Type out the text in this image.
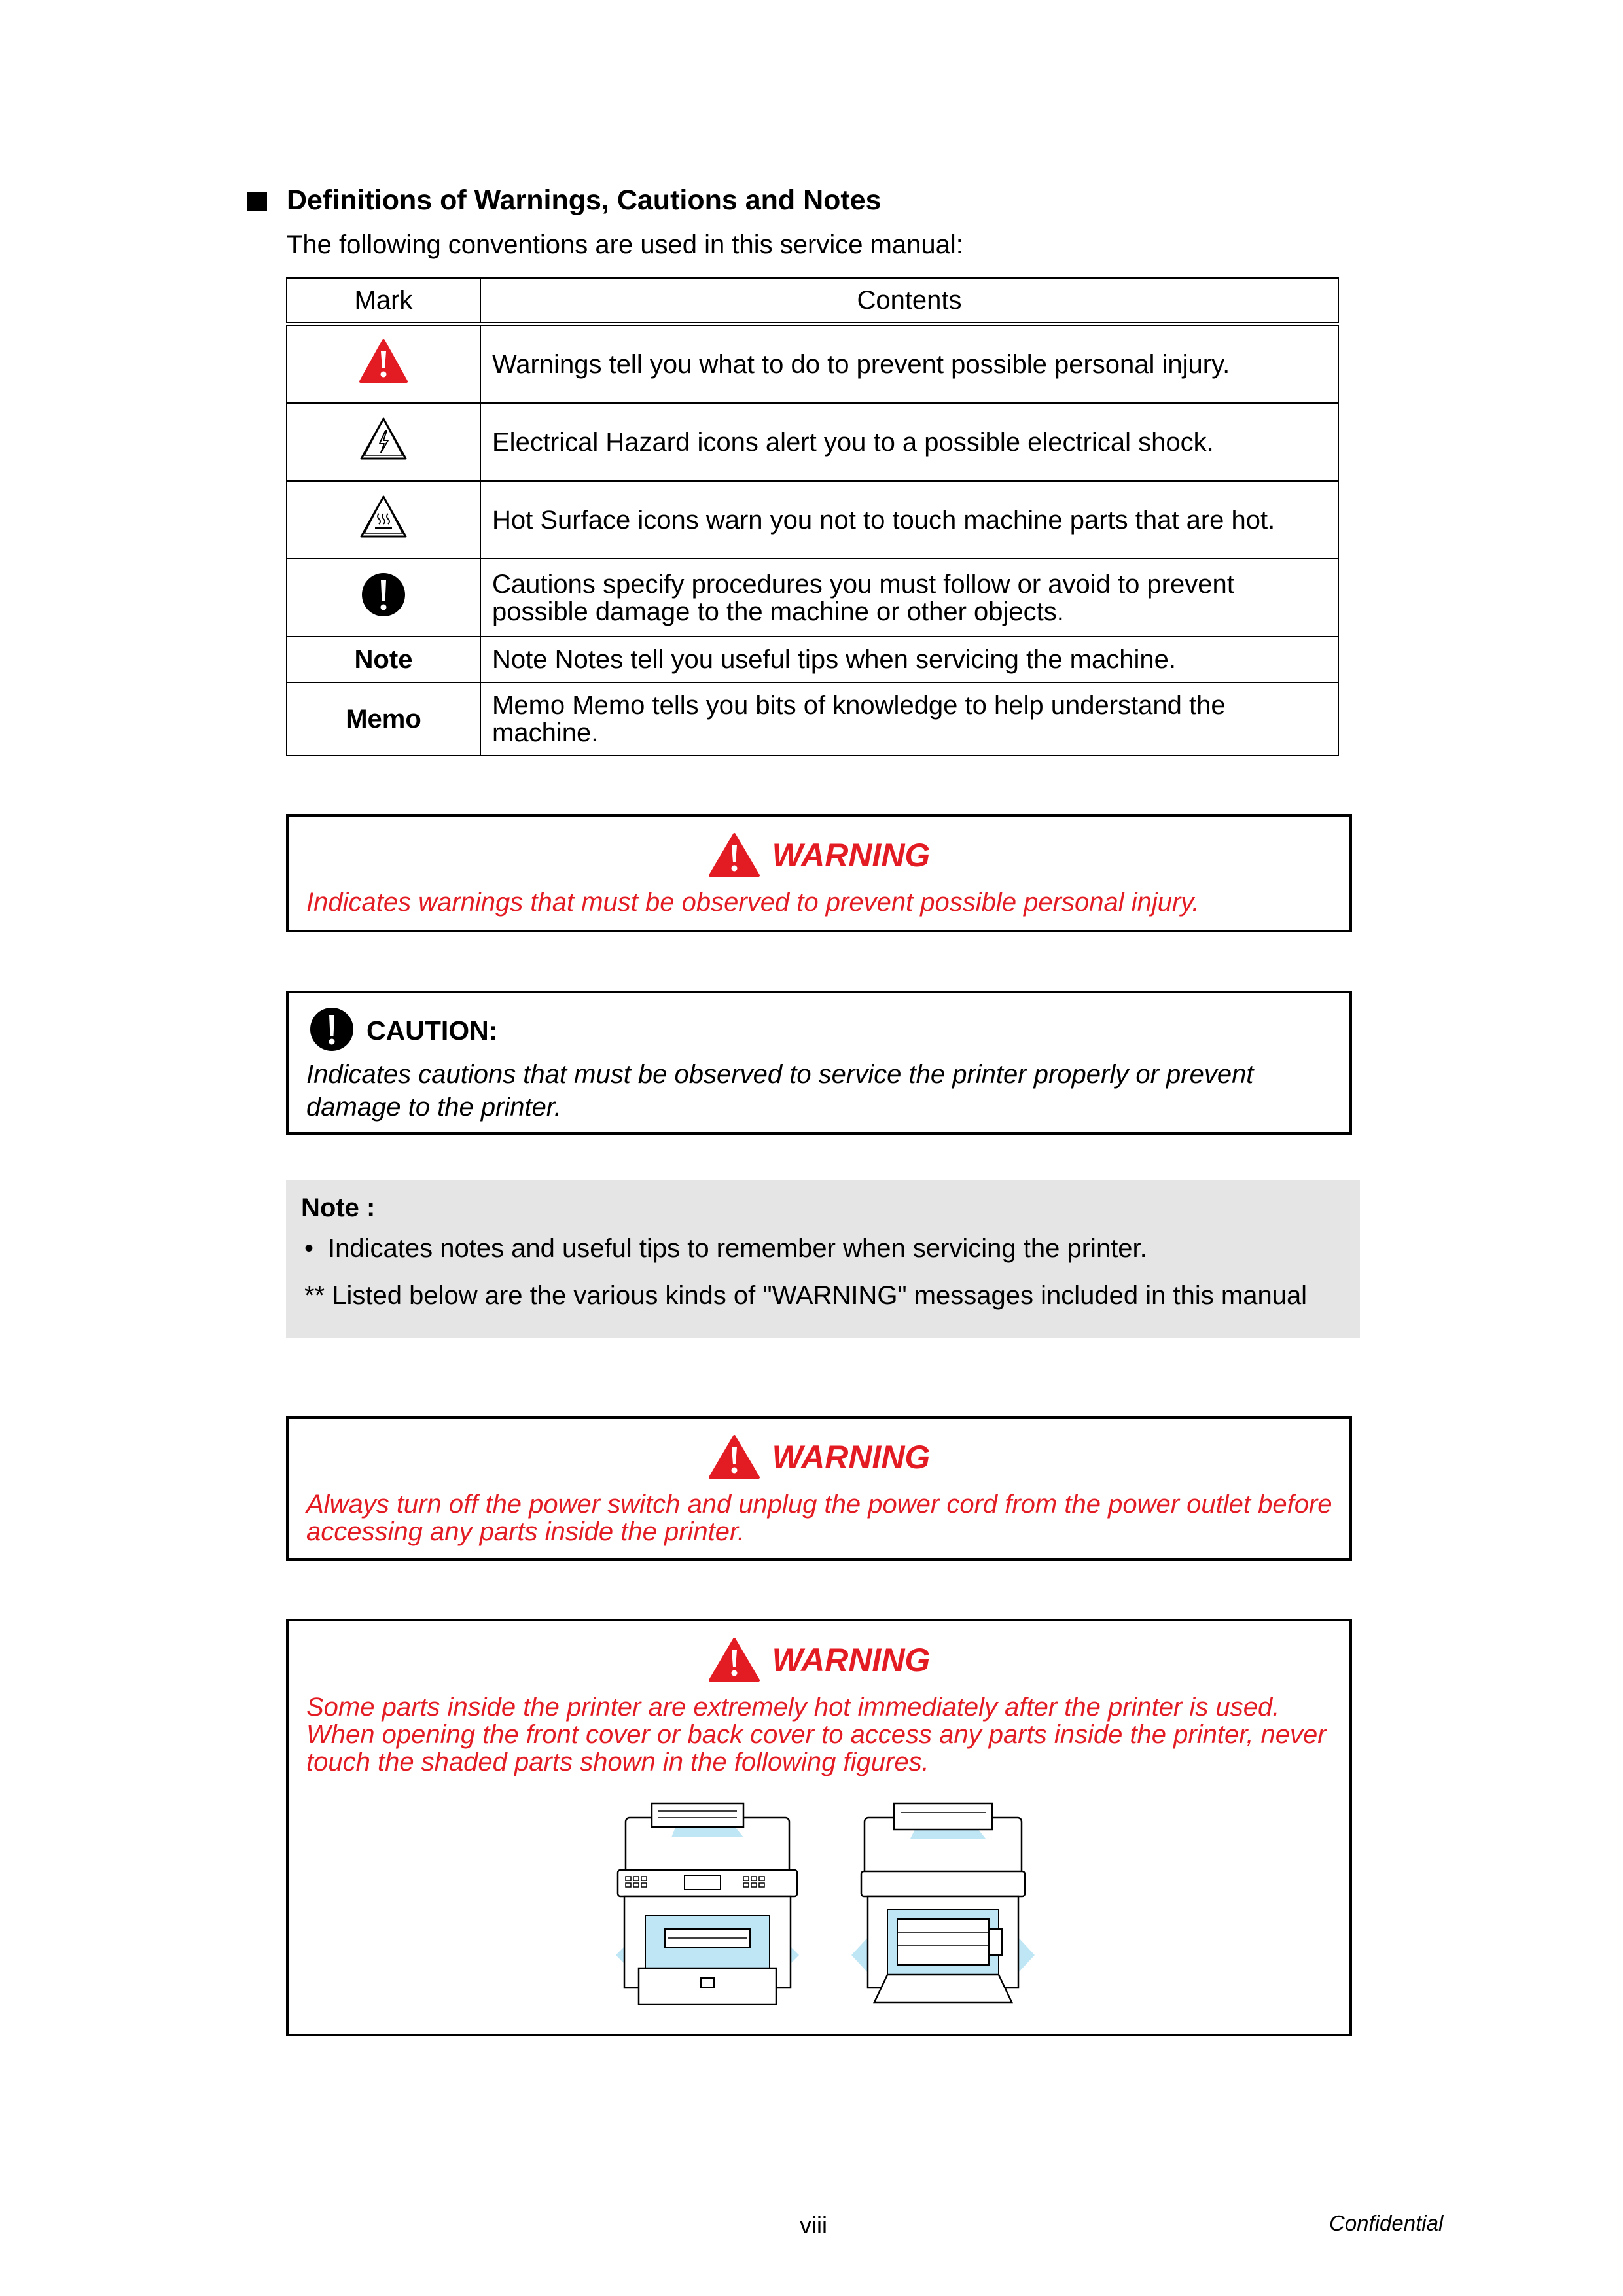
Definitions of Warnings, Cautions and Notes
The following conventions are used in this service manual:
Mark	Contents
	Warnings tell you what to do to prevent possible personal injury.
	Electrical Hazard icons alert you to a possible electrical shock.
	Hot Surface icons warn you not to touch machine parts that are hot.
	Cautions specify procedures you must follow or avoid to prevent possible damage to the machine or other objects.
Note	Note Notes tell you useful tips when servicing the machine.
Memo	Memo Memo tells you bits of knowledge to help understand the machine.
WARNING
Indicates warnings that must be observed to prevent possible personal injury.
CAUTION:
Indicates cautions that must be observed to service the printer properly or prevent damage to the printer.
Note :
• Indicates notes and useful tips to remember when servicing the printer.
** Listed below are the various kinds of "WARNING" messages included in this manual
WARNING
Always turn off the power switch and unplug the power cord from the power outlet before accessing any parts inside the printer.
WARNING
Some parts inside the printer are extremely hot immediately after the printer is used. When opening the front cover or back cover to access any parts inside the printer, never touch the shaded parts shown in the following figures.
viii	Confidential
